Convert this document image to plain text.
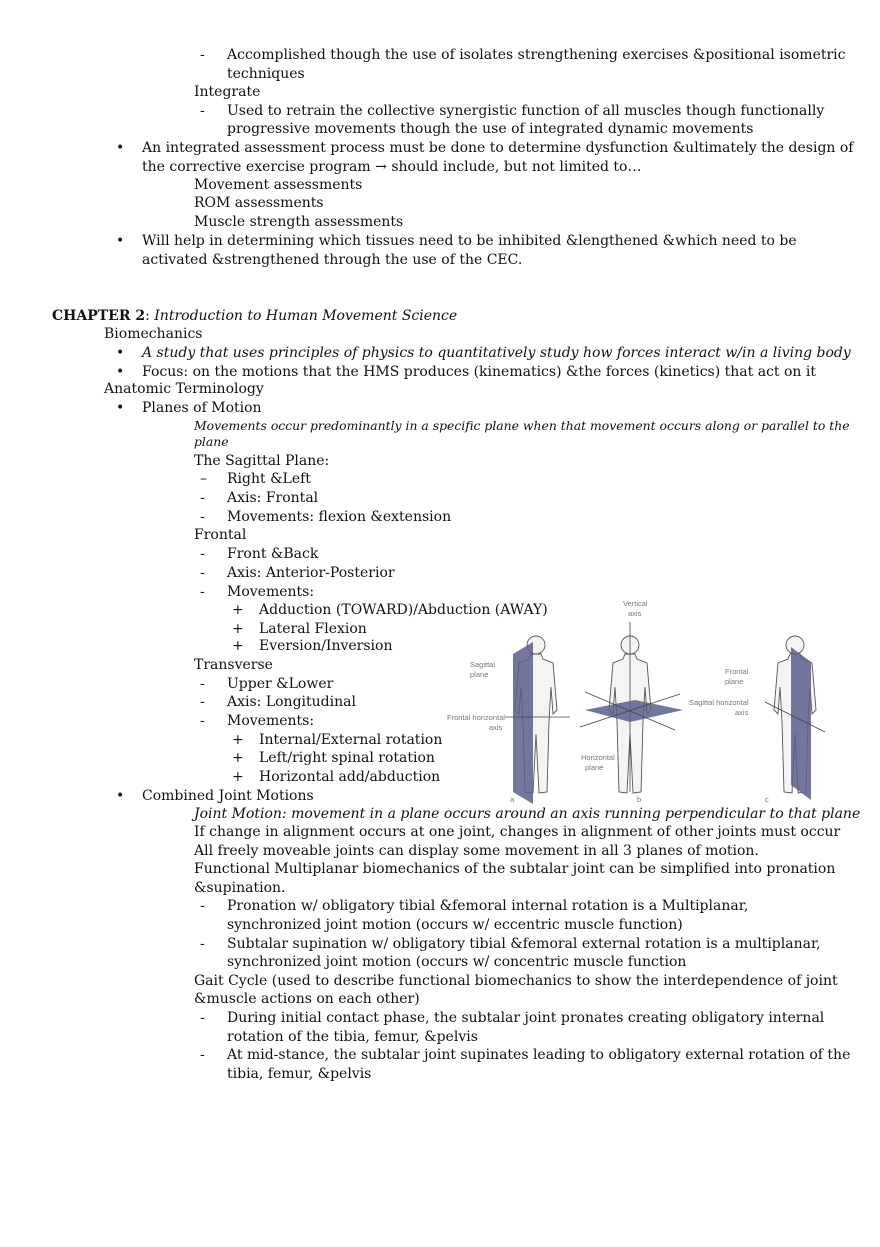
- Accomplished though the use of isolates strengthening exercises &positional isometric
techniques
Integrate
- Used to retrain the collective synergistic function of all muscles though functionally
progressive movements though the use of integrated dynamic movements
• An integrated assessment process must be done to determine dysfunction &ultimately the design of
the corrective exercise program → should include, but not limited to…
Movement assessments
ROM assessments
Muscle strength assessments
• Will help in determining which tissues need to be inhibited &lengthened &which need to be
activated &strengthened through the use of the CEC.
CHAPTER 2: Introduction to Human Movement Science
Biomechanics
• A study that uses principles of physics to quantitatively study how forces interact w/in a living body
• Focus: on the motions that the HMS produces (kinematics) &the forces (kinetics) that act on it
Anatomic Terminology
• Planes of Motion
Movements occur predominantly in a specific plane when that movement occurs along or parallel to the
plane
The Sagittal Plane:
– Right &Left
- Axis: Frontal
- Movements: flexion &extension
Frontal
- Front &Back
- Axis: Anterior-Posterior
- Movements:
+ Adduction (TOWARD)/Abduction (AWAY)
+ Lateral Flexion
+ Eversion/Inversion
Transverse
- Upper &Lower
- Axis: Longitudinal
- Movements:
+ Internal/External rotation
+ Left/right spinal rotation
+ Horizontal add/abduction
Vertical
axis
Sagittal
plane
Frontal horizontal
axis
Horizontal
plane
Frontal
plane
Sagittal horizontal
axis
a	b	c
• Combined Joint Motions
Joint Motion: movement in a plane occurs around an axis running perpendicular to that plane
If change in alignment occurs at one joint, changes in alignment of other joints must occur
All freely moveable joints can display some movement in all 3 planes of motion.
Functional Multiplanar biomechanics of the subtalar joint can be simplified into pronation
&supination.
- Pronation w/ obligatory tibial &femoral internal rotation is a Multiplanar,
synchronized joint motion (occurs w/ eccentric muscle function)
- Subtalar supination w/ obligatory tibial &femoral external rotation is a multiplanar,
synchronized joint motion (occurs w/ concentric muscle function
Gait Cycle (used to describe functional biomechanics to show the interdependence of joint
&muscle actions on each other)
- During initial contact phase, the subtalar joint pronates creating obligatory internal
rotation of the tibia, femur, &pelvis
- At mid-stance, the subtalar joint supinates leading to obligatory external rotation of the
tibia, femur, &pelvis
